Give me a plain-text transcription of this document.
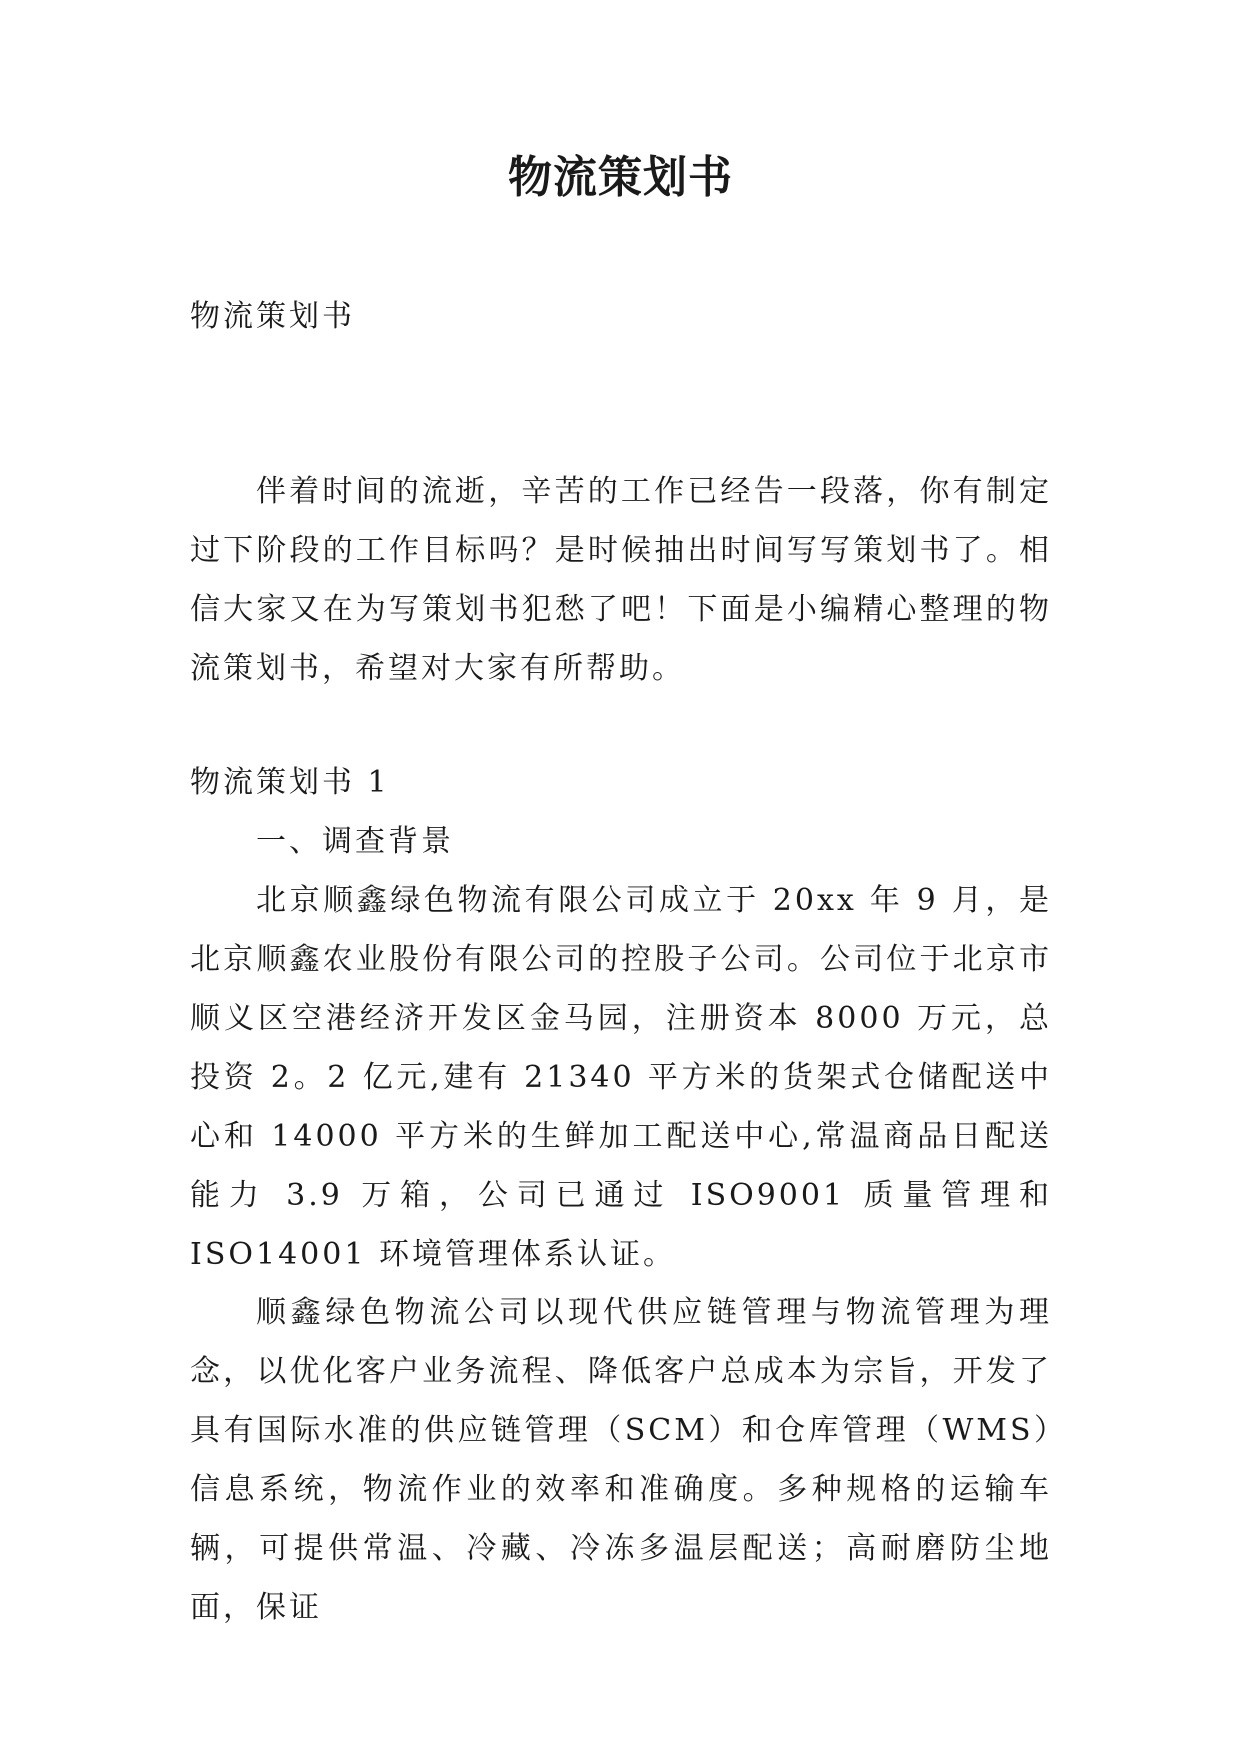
物流策划书
物流策划书
伴着时间的流逝，辛苦的工作已经告一段落，你有制定过下阶段的工作目标吗？是时候抽出时间写写策划书了。相信大家又在为写策划书犯愁了吧！下面是小编精心整理的物流策划书，希望对大家有所帮助。
物流策划书 1
一、调查背景
北京顺鑫绿色物流有限公司成立于 20xx 年 9 月，是北京顺鑫农业股份有限公司的控股子公司。公司位于北京市顺义区空港经济开发区金马园，注册资本 8000 万元，总投资 2。2 亿元,建有 21340 平方米的货架式仓储配送中心和 14000 平方米的生鲜加工配送中心,常温商品日配送能力 3.9 万箱，公司已通过 ISO9001 质量管理和 ISO14001 环境管理体系认证。
顺鑫绿色物流公司以现代供应链管理与物流管理为理念，以优化客户业务流程、降低客户总成本为宗旨，开发了具有国际水准的供应链管理（SCM）和仓库管理（WMS）信息系统，物流作业的效率和准确度。多种规格的运输车辆，可提供常温、冷藏、冷冻多温层配送；高耐磨防尘地面，保证
